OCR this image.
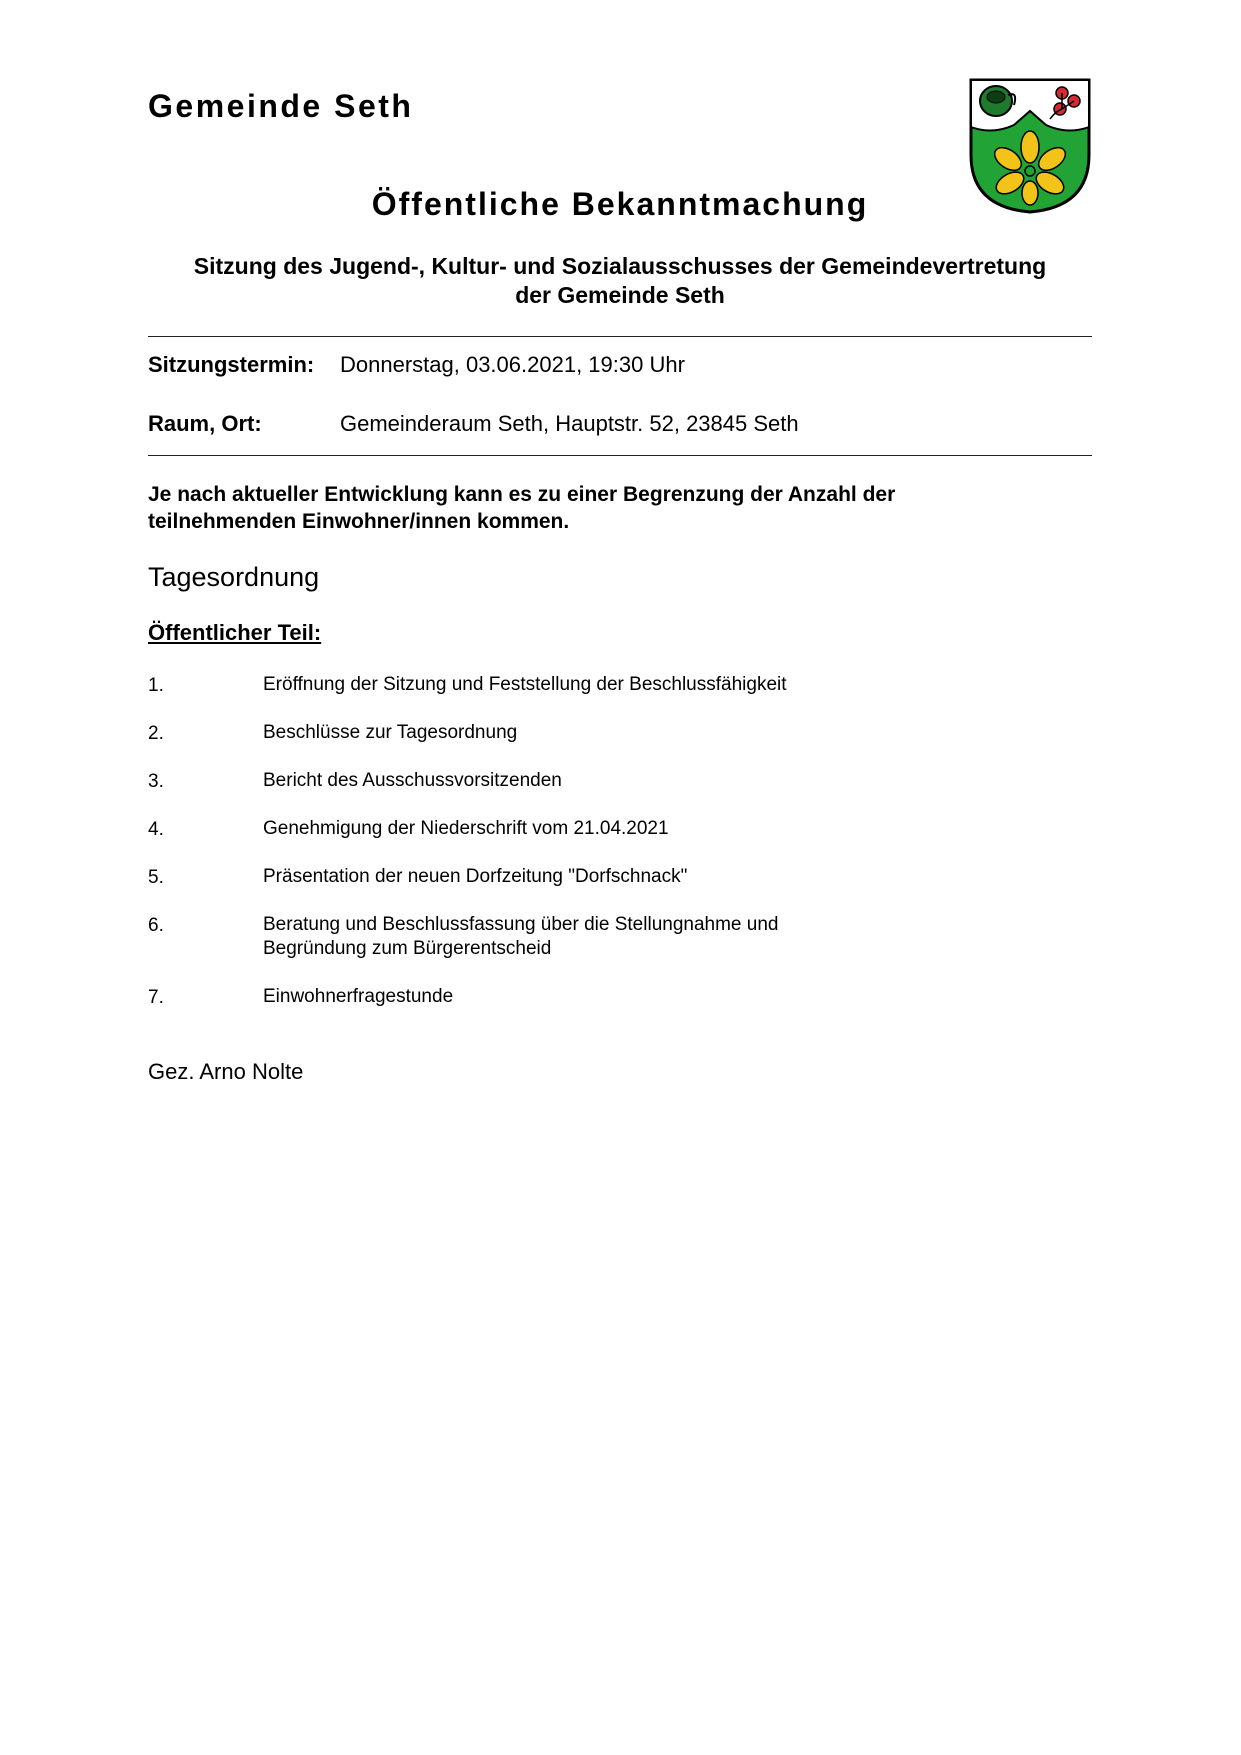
Gemeinde Seth
Öffentliche Bekanntmachung
Sitzung des Jugend-, Kultur- und Sozialausschusses der Gemeindevertretung
der Gemeinde Seth
Sitzungstermin: Donnerstag, 03.06.2021, 19:30 Uhr
Raum, Ort:	Gemeinderaum Seth, Hauptstr. 52, 23845 Seth
Je nach aktueller Entwicklung kann es zu einer Begrenzung der Anzahl der
teilnehmenden Einwohner/innen kommen.
Tagesordnung
Öffentlicher Teil:
1.	Eröffnung der Sitzung und Feststellung der Beschlussfähigkeit
2.	Beschlüsse zur Tagesordnung
3.	Bericht des Ausschussvorsitzenden
4.	Genehmigung der Niederschrift vom 21.04.2021
5.	Präsentation der neuen Dorfzeitung "Dorfschnack"
6.	Beratung und Beschlussfassung über die Stellungnahme und
Begründung zum Bürgerentscheid
7.	Einwohnerfragestunde
Gez. Arno Nolte
